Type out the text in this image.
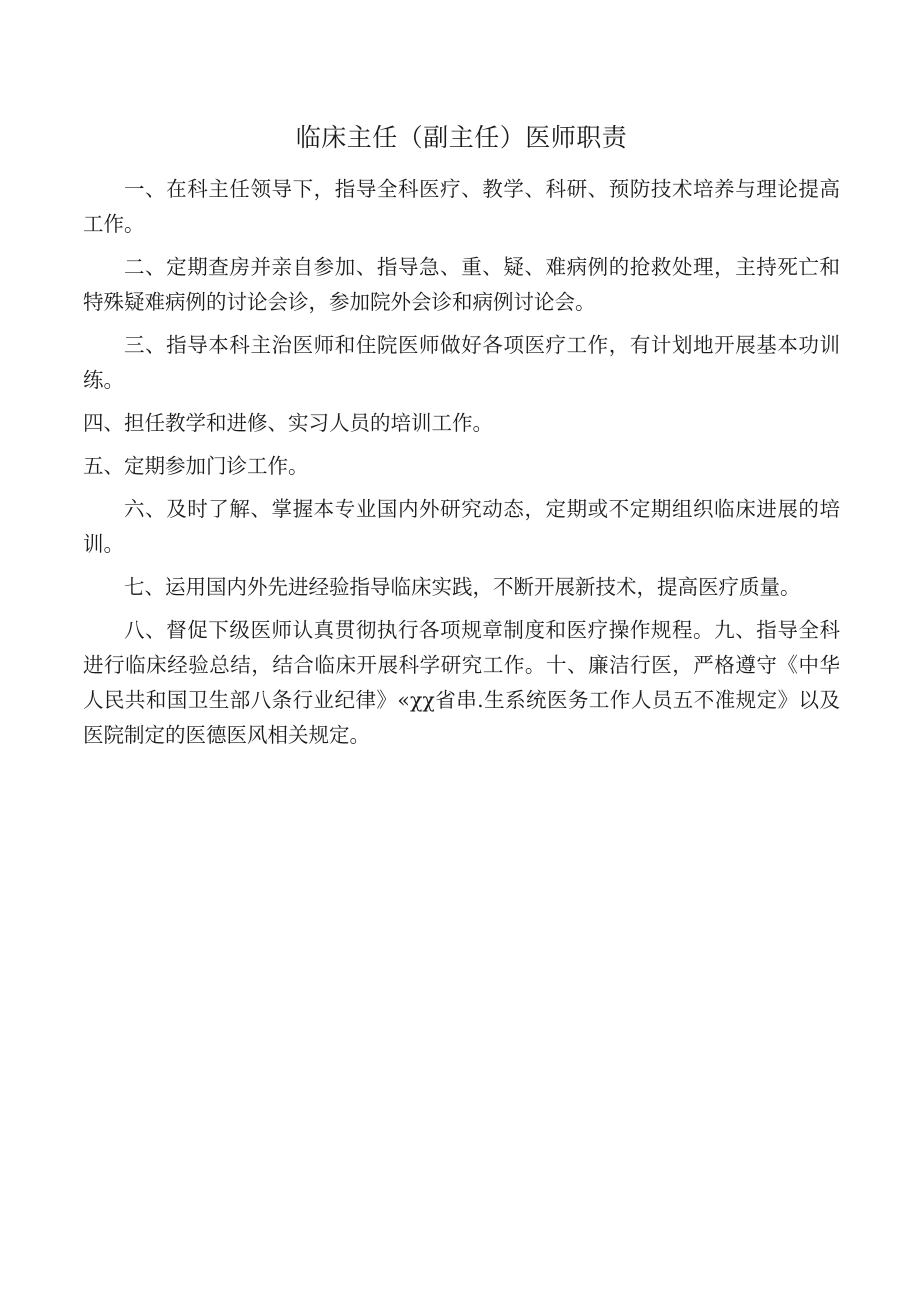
临床主任（副主任）医师职责

一、在科主任领导下，指导全科医疗、教学、科研、预防技术培养与理论提高工作。

二、定期查房并亲自参加、指导急、重、疑、难病例的抢救处理，主持死亡和特殊疑难病例的讨论会诊，参加院外会诊和病例讨论会。

三、指导本科主治医师和住院医师做好各项医疗工作，有计划地开展基本功训练。

四、担任教学和进修、实习人员的培训工作。

五、定期参加门诊工作。

六、及时了解、掌握本专业国内外研究动态，定期或不定期组织临床进展的培训。

七、运用国内外先进经验指导临床实践，不断开展新技术，提高医疗质量。

八、督促下级医师认真贯彻执行各项规章制度和医疗操作规程。九、指导全科进行临床经验总结，结合临床开展科学研究工作。十、廉洁行医，严格遵守《中华人民共和国卫生部八条行业纪律》«χχ省串.生系统医务工作人员五不准规定》以及医院制定的医德医风相关规定。
